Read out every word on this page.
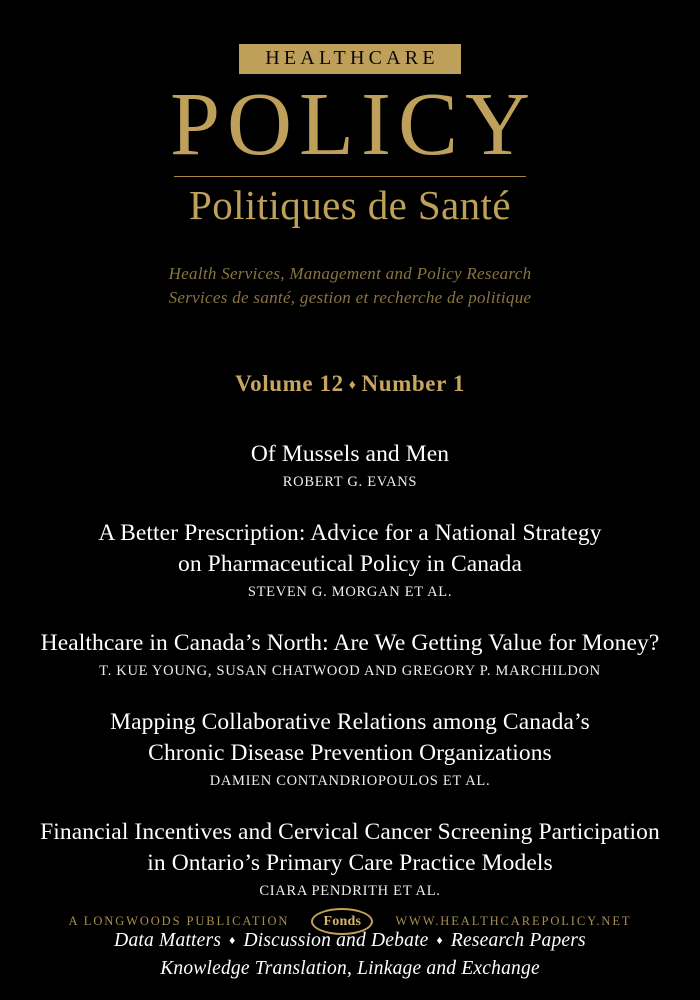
HEALTHCARE
POLICY
Politiques de Santé
Health Services, Management and Policy Research
Services de santé, gestion et recherche de politique
Volume 12 ♦ Number 1
Of Mussels and Men
ROBERT G. EVANS
A Better Prescription: Advice for a National Strategy
on Pharmaceutical Policy in Canada
STEVEN G. MORGAN ET AL.
Healthcare in Canada’s North: Are We Getting Value for Money?
T. KUE YOUNG, SUSAN CHATWOOD AND GREGORY P. MARCHILDON
Mapping Collaborative Relations among Canada’s
Chronic Disease Prevention Organizations
DAMIEN CONTANDRIOPOULOS ET AL.
Financial Incentives and Cervical Cancer Screening Participation
in Ontario’s Primary Care Practice Models
CIARA PENDRITH ET AL.
Data Matters ♦ Discussion and Debate ♦ Research Papers
Knowledge Translation, Linkage and Exchange
A LONGWOODS PUBLICATION Fonds	WWW.HEALTHCAREPOLICY.NET
